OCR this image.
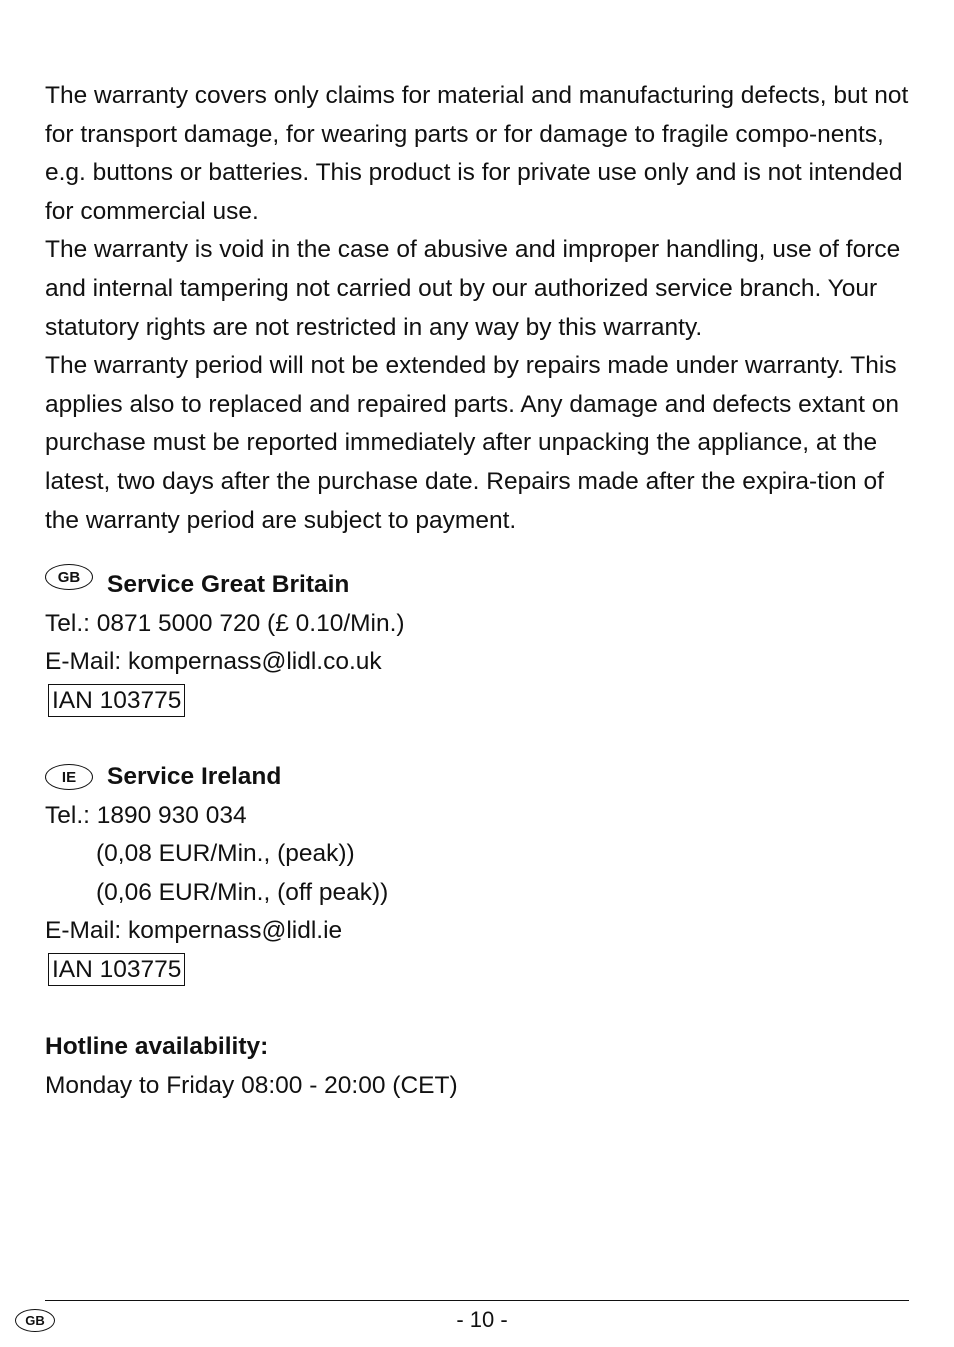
The warranty covers only claims for material and manufacturing defects, but not for transport damage, for wearing parts or for damage to fragile compo-nents, e.g. buttons or batteries. This product is for private use only and is not intended for commercial use.

The warranty is void in the case of abusive and improper handling, use of force and internal tampering not carried out by our authorized service branch. Your statutory rights are not restricted in any way by this warranty.

The warranty period will not be extended by repairs made under warranty. This applies also to replaced and repaired parts. Any damage and defects extant on purchase must be reported immediately after unpacking the appliance, at the latest, two days after the purchase date. Repairs made after the expira-tion of the warranty period are subject to payment.

GB	Service Great Britain
Tel.: 0871 5000 720 (£ 0.10/Min.)
E-Mail: kompernass@lidl.co.uk
IAN 103775
IE	Service Ireland
Tel.: 1890 930 034
(0,08 EUR/Min., (peak))
(0,06 EUR/Min., (off peak))
E-Mail: kompernass@lidl.ie
IAN 103775
Hotline availability:
Monday to Friday 08:00 - 20:00 (CET)
GB	- 10 -
